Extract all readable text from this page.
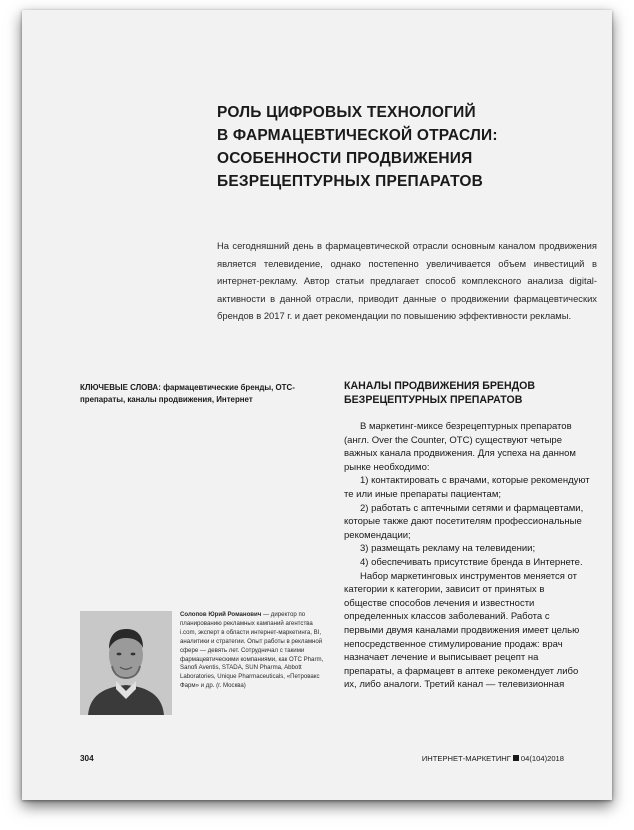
РОЛЬ ЦИФРОВЫХ ТЕХНОЛОГИЙ
В ФАРМАЦЕВТИЧЕСКОЙ ОТРАСЛИ:
ОСОБЕННОСТИ ПРОДВИЖЕНИЯ
БЕЗРЕЦЕПТУРНЫХ ПРЕПАРАТОВ
На сегодняшний день в фармацевтической отрасли основным каналом продвижения является телевидение, однако постепенно увеличивается объем инвестиций в интернет-рекламу. Автор статьи предлагает способ комплексного анализа digital-активности в данной отрасли, приводит данные о продвижении фармацевтических брендов в 2017 г. и дает рекомендации по повышению эффективности рекламы.
КЛЮЧЕВЫЕ СЛОВА: фармацевтические бренды, ОТС-препараты, каналы продвижения, Интернет
КАНАЛЫ ПРОДВИЖЕНИЯ БРЕНДОВ
БЕЗРЕЦЕПТУРНЫХ ПРЕПАРАТОВ

В маркетинг-миксе безрецептурных препаратов (англ. Over the Counter, OTC) существуют четыре важных канала продвижения. Для успеха на данном рынке необходимо:

1) контактировать с врачами, которые рекомендуют те или иные препараты пациентам;

2) работать с аптечными сетями и фармацевтами, которые также дают посетителям профессиональные рекомендации;

3) размещать рекламу на телевидении;

4) обеспечивать присутствие бренда в Интернете.

Набор маркетинговых инструментов меняется от категории к категории, зависит от принятых в обществе способов лечения и известности определенных классов заболеваний. Работа с первыми двумя каналами продвижения имеет целью непосредственное стимулирование продаж: врач назначает лечение и выписывает рецепт на препараты, а фармацевт в аптеке рекомендует либо их, либо аналоги. Третий канал — телевизионная

Солопов Юрий Романович — директор по планированию рекламных кампаний агентства i.com, эксперт в области интернет-маркетинга, BI, аналитики и стратегии. Опыт работы в рекламной сфере — девять лет. Сотрудничал с такими фармацевтическими компаниями, как OTC Pharm, Sanofi Aventis, STADA, SUN Pharma, Abbott Laboratories, Unique Pharmaceuticals, «Петровакс Фарм» и др. (г. Москва)
304	ИНТЕРНЕТ-МАРКЕТИНГ 04(104)2018
